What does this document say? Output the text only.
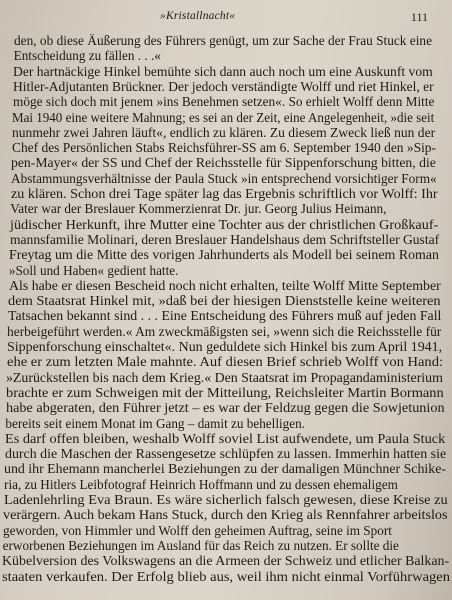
»Kristallnacht«	111
den, ob diese Äußerung des Führers genügt, um zur Sache der Frau Stuck eine
Entscheidung zu fällen . . .«
Der hartnäckige Hinkel bemühte sich dann auch noch um eine Auskunft vom
Hitler-Adjutanten Brückner. Der jedoch verständigte Wolff und riet Hinkel, er
möge sich doch mit jenem »ins Benehmen setzen«. So erhielt Wolff denn Mitte
Mai 1940 eine weitere Mahnung; es sei an der Zeit, eine Angelegenheit, »die seit
nunmehr zwei Jahren läuft«, endlich zu klären. Zu diesem Zweck ließ nun der
Chef des Persönlichen Stabs Reichsführer-SS am 6. September 1940 den »Sip-
pen-Mayer« der SS und Chef der Reichsstelle für Sippenforschung bitten, die
Abstammungsverhältnisse der Paula Stuck »in entsprechend vorsichtiger Form«
zu klären. Schon drei Tage später lag das Ergebnis schriftlich vor Wolff: Ihr
Vater war der Breslauer Kommerzienrat Dr. jur. Georg Julius Heimann,
jüdischer Herkunft, ihre Mutter eine Tochter aus der christlichen Großkauf-
mannsfamilie Molinari, deren Breslauer Handelshaus dem Schriftsteller Gustaf
Freytag um die Mitte des vorigen Jahrhunderts als Modell bei seinem Roman
»Soll und Haben« gedient hatte.
Als habe er diesen Bescheid noch nicht erhalten, teilte Wolff Mitte September
dem Staatsrat Hinkel mit, »daß bei der hiesigen Dienststelle keine weiteren
Tatsachen bekannt sind . . . Eine Entscheidung des Führers muß auf jeden Fall
herbeigeführt werden.« Am zweckmäßigsten sei, »wenn sich die Reichsstelle für
Sippenforschung einschaltet«. Nun geduldete sich Hinkel bis zum April 1941,
ehe er zum letzten Male mahnte. Auf diesen Brief schrieb Wolff von Hand:
»Zurückstellen bis nach dem Krieg.« Den Staatsrat im Propagandaministerium
brachte er zum Schweigen mit der Mitteilung, Reichsleiter Martin Bormann
habe abgeraten, den Führer jetzt – es war der Feldzug gegen die Sowjetunion
bereits seit einem Monat im Gang – damit zu behelligen.
Es darf offen bleiben, weshalb Wolff soviel List aufwendete, um Paula Stuck
durch die Maschen der Rassengesetze schlüpfen zu lassen. Immerhin hatten sie
und ihr Ehemann mancherlei Beziehungen zu der damaligen Münchner Schike-
ria, zu Hitlers Leibfotograf Heinrich Hoffmann und zu dessen ehemaligem
Ladenlehrling Eva Braun. Es wäre sicherlich falsch gewesen, diese Kreise zu
verärgern. Auch bekam Hans Stuck, durch den Krieg als Rennfahrer arbeitslos
geworden, von Himmler und Wolff den geheimen Auftrag, seine im Sport
erworbenen Beziehungen im Ausland für das Reich zu nutzen. Er sollte die
Kübelversion des Volkswagens an die Armeen der Schweiz und etlicher Balkan-
staaten verkaufen. Der Erfolg blieb aus, weil ihm nicht einmal Vorführwagen
